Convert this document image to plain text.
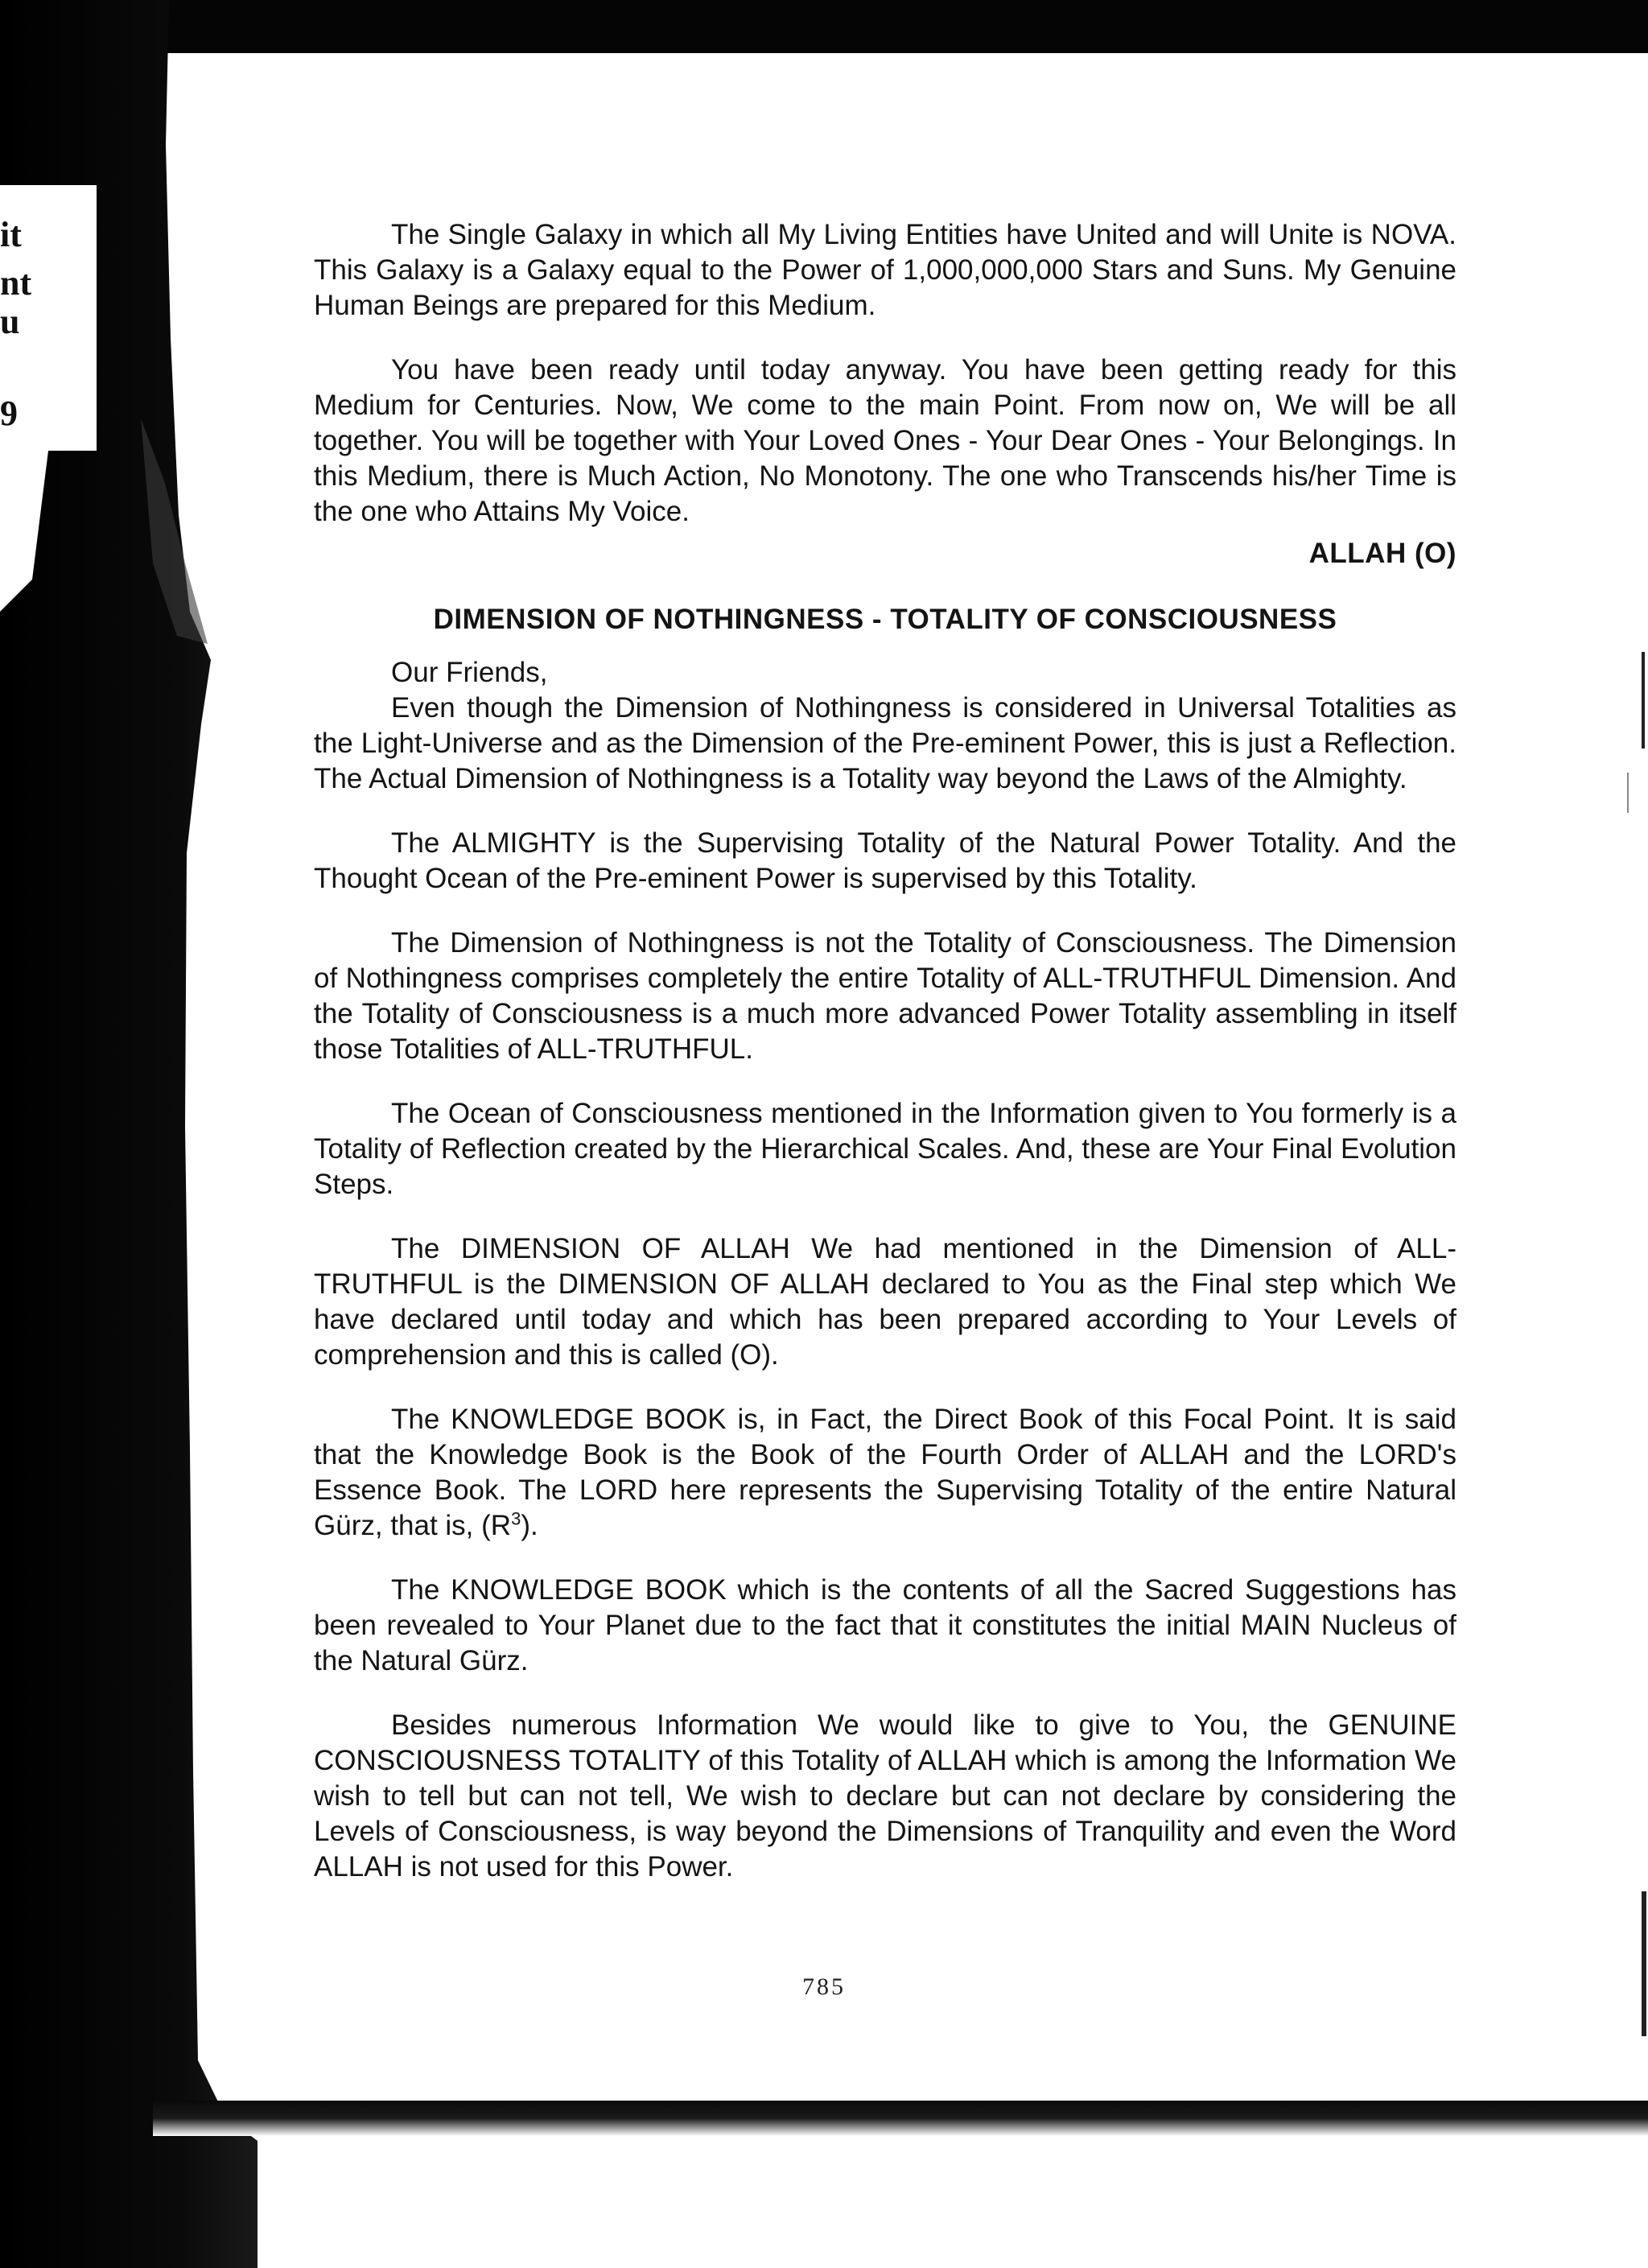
it
nt
u
9

The Single Galaxy in which all My Living Entities have United and will Unite is NOVA. This Galaxy is a Galaxy equal to the Power of 1,000,000,000 Stars and Suns. My Genuine Human Beings are prepared for this Medium.

You have been ready until today anyway. You have been getting ready for this Medium for Centuries. Now, We come to the main Point. From now on, We will be all together. You will be together with Your Loved Ones - Your Dear Ones - Your Belongings. In this Medium, there is Much Action, No Monotony. The one who Transcends his/her Time is the one who Attains My Voice.

ALLAH (O)
DIMENSION OF NOTHINGNESS - TOTALITY OF CONSCIOUSNESS

Our Friends,

Even though the Dimension of Nothingness is considered in Universal Totalities as the Light-Universe and as the Dimension of the Pre-eminent Power, this is just a Reflection. The Actual Dimension of Nothingness is a Totality way beyond the Laws of the Almighty.

The ALMIGHTY is the Supervising Totality of the Natural Power Totality. And the Thought Ocean of the Pre-eminent Power is supervised by this Totality.

The Dimension of Nothingness is not the Totality of Consciousness. The Dimension of Nothingness comprises completely the entire Totality of ALL-TRUTHFUL Dimension. And the Totality of Consciousness is a much more advanced Power Totality assembling in itself those Totalities of ALL-TRUTHFUL.

The Ocean of Consciousness mentioned in the Information given to You formerly is a Totality of Reflection created by the Hierarchical Scales. And, these are Your Final Evolution Steps.

The DIMENSION OF ALLAH We had mentioned in the Dimension of ALL-TRUTHFUL is the DIMENSION OF ALLAH declared to You as the Final step which We have declared until today and which has been prepared according to Your Levels of comprehension and this is called (O).

The KNOWLEDGE BOOK is, in Fact, the Direct Book of this Focal Point. It is said that the Knowledge Book is the Book of the Fourth Order of ALLAH and the LORD's Essence Book. The LORD here represents the Supervising Totality of the entire Natural Gürz, that is, $(R^3)$.

The KNOWLEDGE BOOK which is the contents of all the Sacred Suggestions has been revealed to Your Planet due to the fact that it constitutes the initial MAIN Nucleus of the Natural Gürz.

Besides numerous Information We would like to give to You, the GENUINE CONSCIOUSNESS TOTALITY of this Totality of ALLAH which is among the Information We wish to tell but can not tell, We wish to declare but can not declare by considering the Levels of Consciousness, is way beyond the Dimensions of Tranquility and even the Word ALLAH is not used for this Power.

785
